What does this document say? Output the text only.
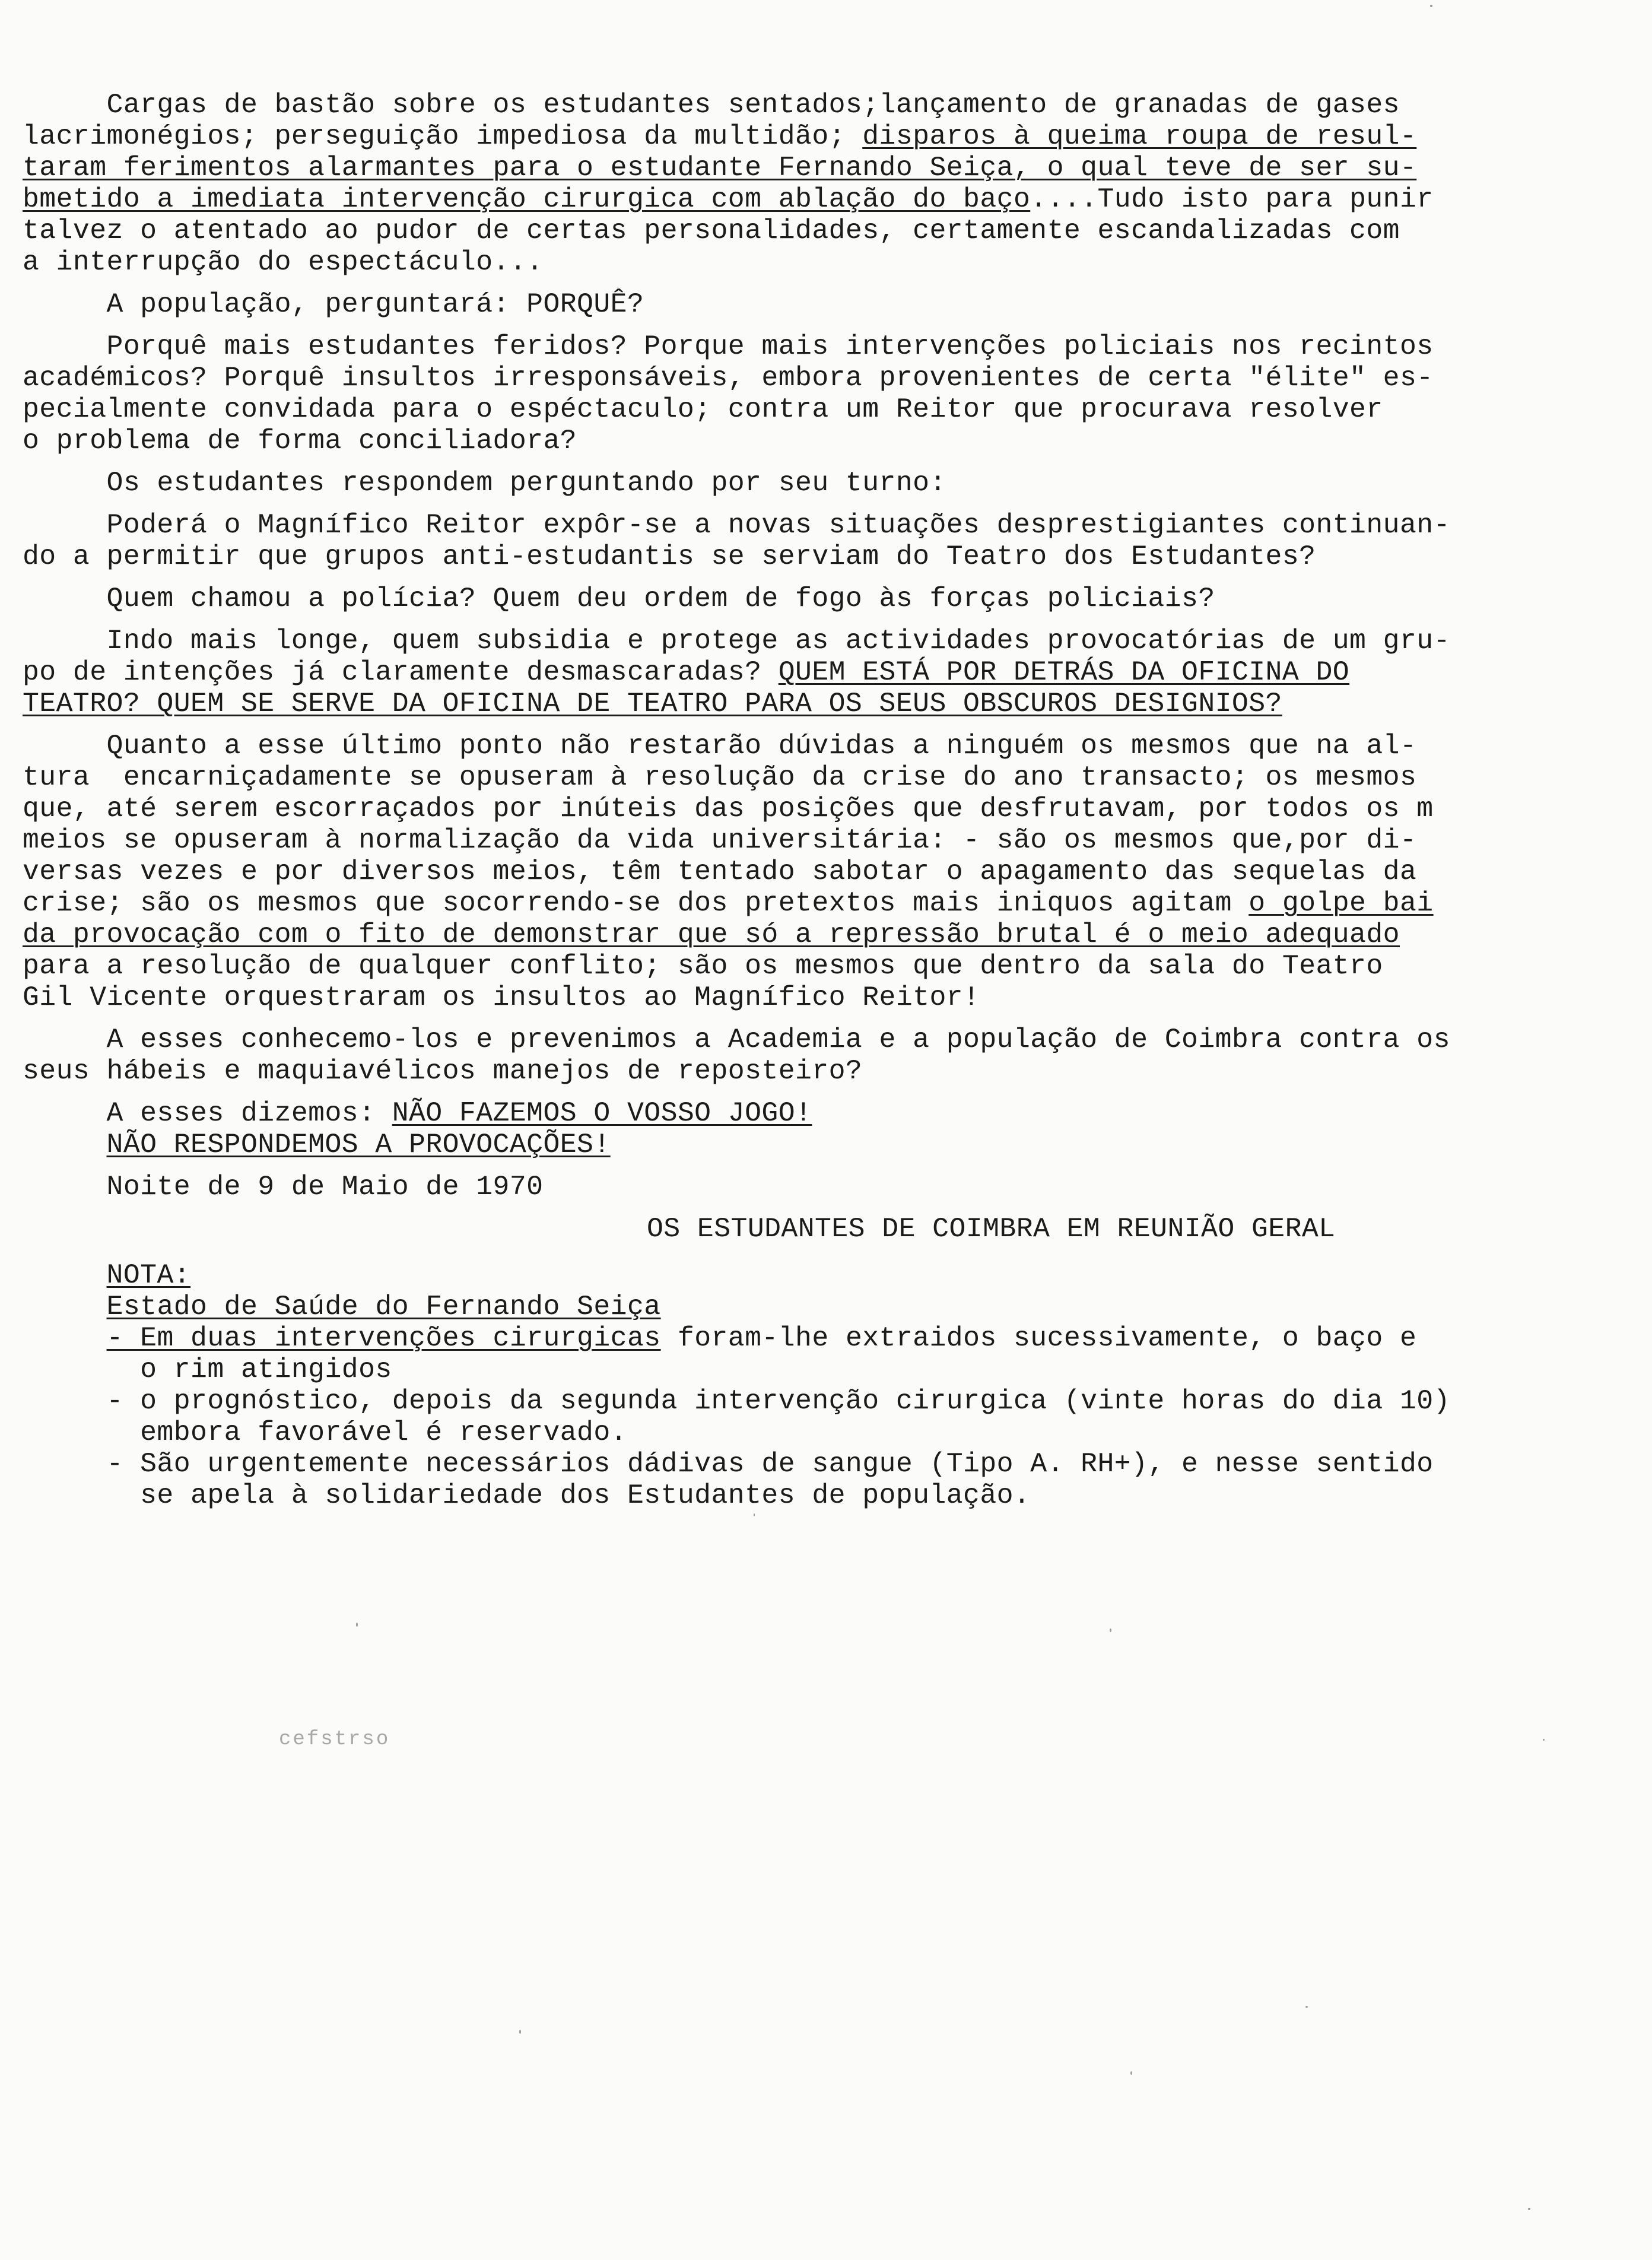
Cargas de bastão sobre os estudantes sentados;lançamento de granadas de gases
lacrimonégios; perseguição impediosa da multidão; disparos à queima roupa de resul-
taram ferimentos alarmantes para o estudante Fernando Seiça, o qual teve de ser su-
bmetido a imediata intervenção cirurgica com ablação do baço....Tudo isto para punir
talvez o atentado ao pudor de certas personalidades, certamente escandalizadas com
a interrupção do espectáculo...
A população, perguntará: PORQUÊ?
Porquê mais estudantes feridos? Porque mais intervenções policiais nos recintos
académicos? Porquê insultos irresponsáveis, embora provenientes de certa "élite" es-
pecialmente convidada para o espéctaculo; contra um Reitor que procurava resolver
o problema de forma conciliadora?
Os estudantes respondem perguntando por seu turno:
Poderá o Magnífico Reitor expôr-se a novas situações desprestigiantes continuan-
do a permitir que grupos anti-estudantis se serviam do Teatro dos Estudantes?
Quem chamou a polícia? Quem deu ordem de fogo às forças policiais?
Indo mais longe, quem subsidia e protege as actividades provocatórias de um gru-
po de intenções já claramente desmascaradas? QUEM ESTÁ POR DETRÁS DA OFICINA DO
TEATRO? QUEM SE SERVE DA OFICINA DE TEATRO PARA OS SEUS OBSCUROS DESIGNIOS?
Quanto a esse último ponto não restarão dúvidas a ninguém os mesmos que na al-
tura  encarniçadamente se opuseram à resolução da crise do ano transacto; os mesmos
que, até serem escorraçados por inúteis das posições que desfrutavam, por todos os m
meios se opuseram à normalização da vida universitária: - são os mesmos que,por di-
versas vezes e por diversos meios, têm tentado sabotar o apagamento das sequelas da
crise; são os mesmos que socorrendo-se dos pretextos mais iniquos agitam o golpe bai
da provocação com o fito de demonstrar que só a repressão brutal é o meio adequado
para a resolução de qualquer conflito; são os mesmos que dentro da sala do Teatro
Gil Vicente orquestraram os insultos ao Magnífico Reitor!
A esses conhecemo-los e prevenimos a Academia e a população de Coimbra contra os
seus hábeis e maquiavélicos manejos de reposteiro?
A esses dizemos: NÃO FAZEMOS O VOSSO JOGO!
NÃO RESPONDEMOS A PROVOCAÇÕES!
Noite de 9 de Maio de 1970
OS ESTUDANTES DE COIMBRA EM REUNIÃO GERAL
NOTA:
Estado de Saúde do Fernando Seiça
- Em duas intervenções cirurgicas foram-lhe extraidos sucessivamente, o baço e
o rim atingidos
- o prognóstico, depois da segunda intervenção cirurgica (vinte horas do dia 10)
embora favorável é reservado.
- São urgentemente necessários dádivas de sangue (Tipo A. RH+), e nesse sentido
se apela à solidariedade dos Estudantes de população.
cefstrso
